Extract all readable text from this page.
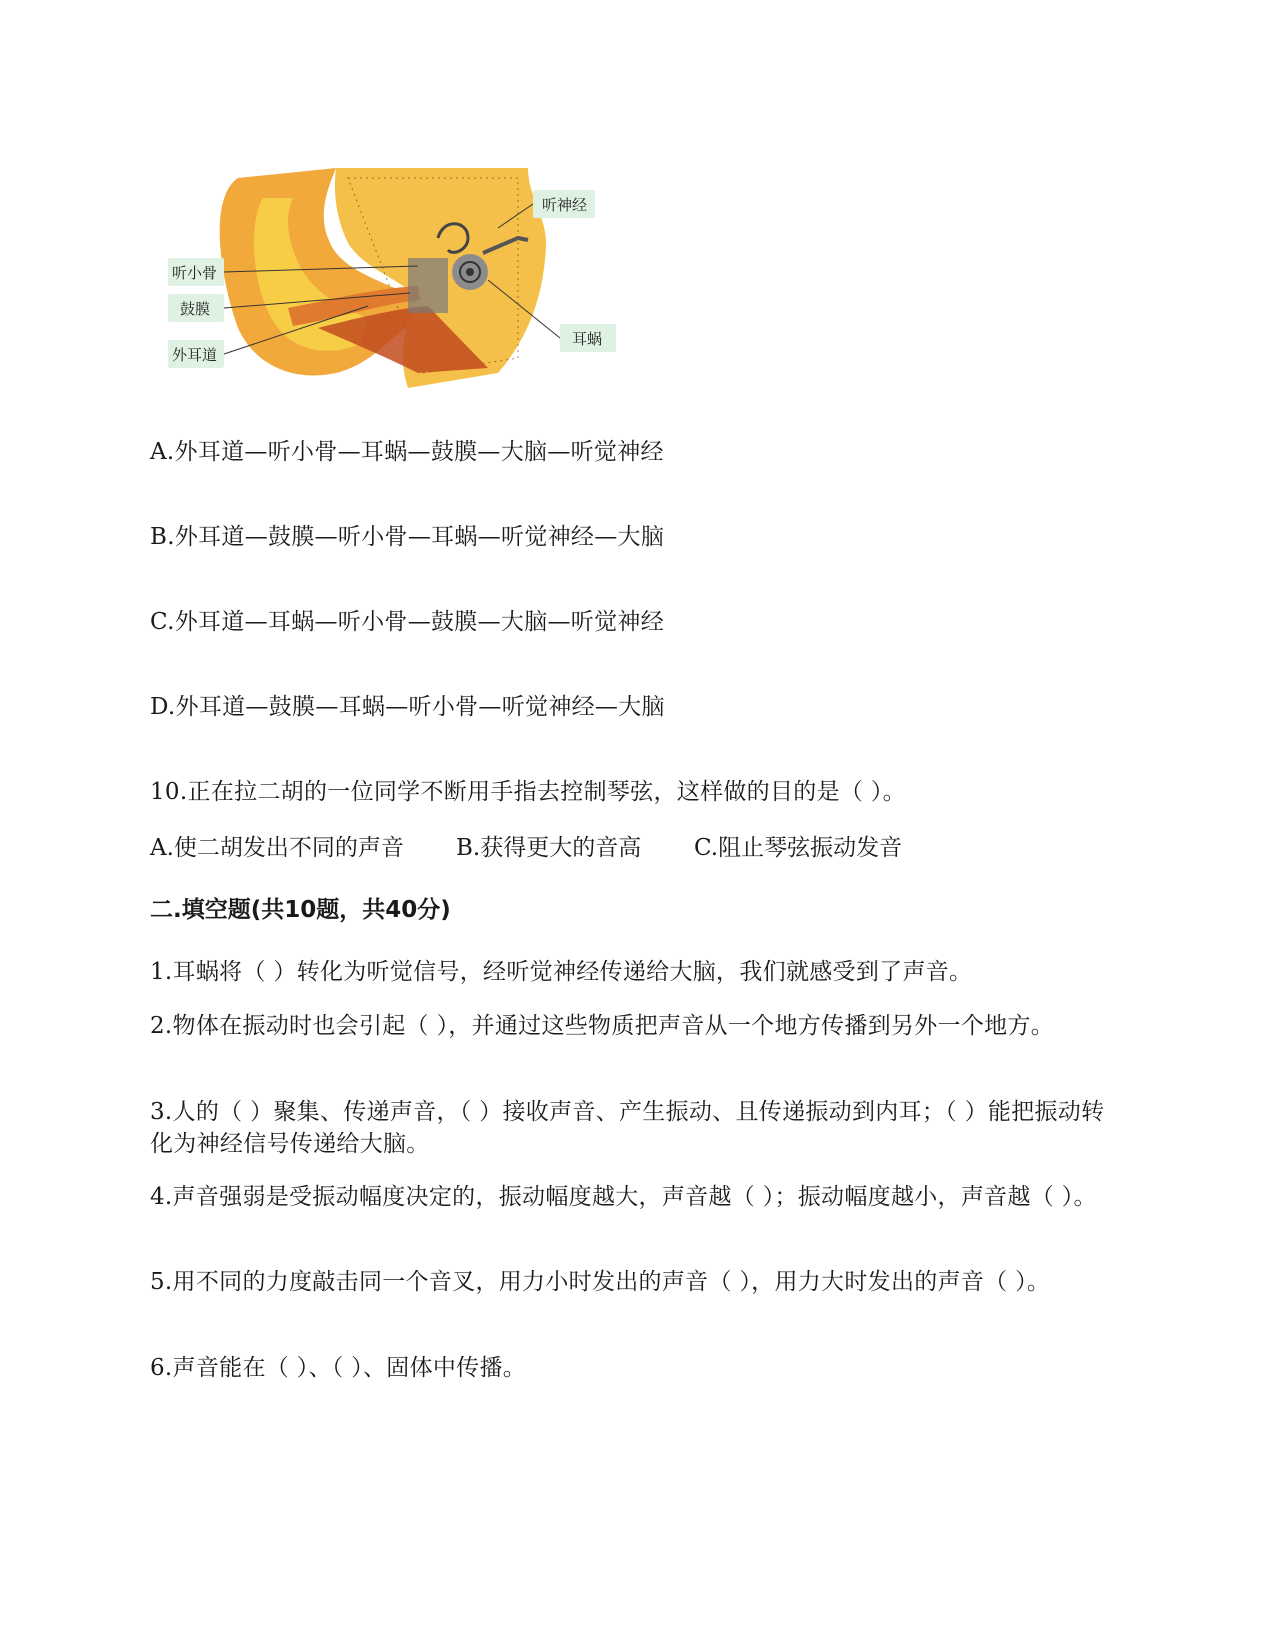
听神经
听小骨
鼓膜
外耳道
耳蜗
A.外耳道—听小骨—耳蜗—鼓膜—大脑—听觉神经
B.外耳道—鼓膜—听小骨—耳蜗—听觉神经—大脑
C.外耳道—耳蜗—听小骨—鼓膜—大脑—听觉神经
D.外耳道—鼓膜—耳蜗—听小骨—听觉神经—大脑
10.正在拉二胡的一位同学不断用手指去控制琴弦，这样做的目的是（ ）。
A.使二胡发出不同的声音 B.获得更大的音高 C.阻止琴弦振动发音
二.填空题(共10题，共40分)
1.耳蜗将（ ）转化为听觉信号，经听觉神经传递给大脑，我们就感受到了声音。
2.物体在振动时也会引起（ ），并通过这些物质把声音从一个地方传播到另外一个地方。
3.人的（ ）聚集、传递声音，（ ）接收声音、产生振动、且传递振动到内耳；（ ）能把振动转化为神经信号传递给大脑。
4.声音强弱是受振动幅度决定的，振动幅度越大，声音越（ ）；振动幅度越小，声音越（ ）。
5.用不同的力度敲击同一个音叉，用力小时发出的声音（ ），用力大时发出的声音（ ）。
6.声音能在（ ）、（ ）、固体中传播。
